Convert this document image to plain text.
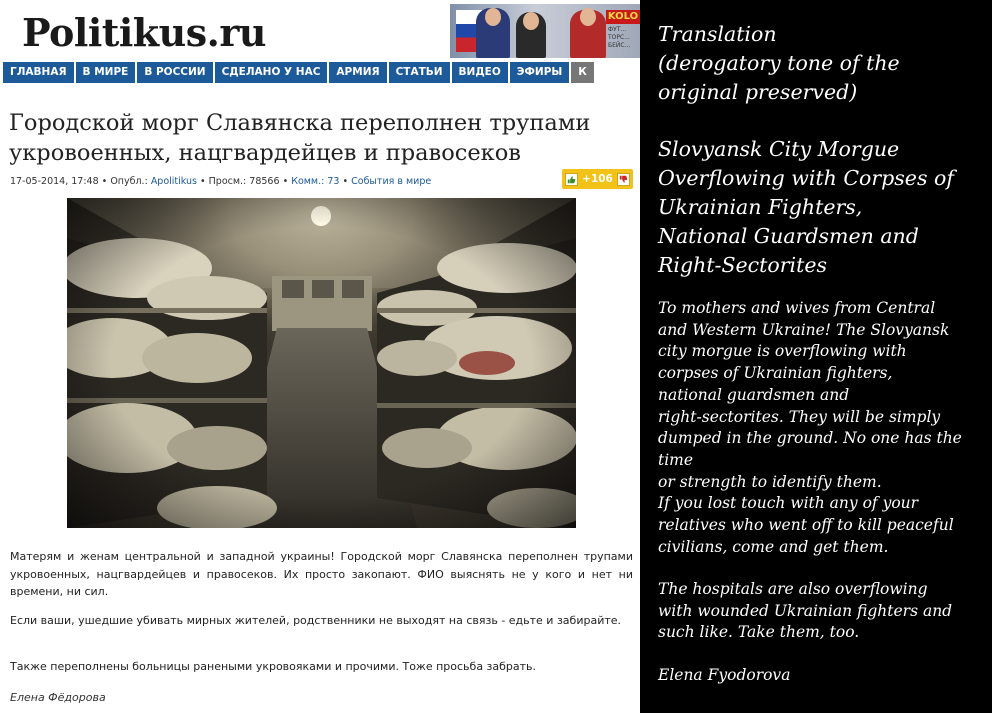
Politikus.ru	KOLO
ФУТ... ТОРС... БЕЙС...
ГЛАВНАЯ В МИРЕ В РОССИИ СДЕЛАНО У НАС АРМИЯ СТАТЬИ ВИДЕО ЭФИРЫ К
Городской морг Славянска переполнен трупами укровоенных, нацгвардейцев и правосеков
17-05-2014, 17:48 • Опубл.: Apolitikus • Просм.: 78566 • Комм.: 73 • События в мире	+106
Матерям и женам центральной и западной украины! Городской морг Славянска переполнен трупами укровоенных, нацгвардейцев и правосеков. Их просто закопают. ФИО выяснять не у кого и нет ни времени, ни сил.
Если ваши, ушедшие убивать мирных жителей, родственники не выходят на связь - едьте и забирайте.
Также переполнены больницы ранеными укровояками и прочими. Тоже просьба забрать.
Елена Фёдорова
Translation
(derogatory tone of the
original preserved)
Slovyansk City Morgue
Overflowing with Corpses of
Ukrainian Fighters,
National Guardsmen and
Right-Sectorites
To mothers and wives from Central
and Western Ukraine! The Slovyansk
city morgue is overflowing with
corpses of Ukrainian fighters,
national guardsmen and
right-sectorites. They will be simply
dumped in the ground. No one has the
time
or strength to identify them.
If you lost touch with any of your
relatives who went off to kill peaceful
civilians, come and get them.
The hospitals are also overflowing
with wounded Ukrainian fighters and
such like. Take them, too.
Elena Fyodorova
